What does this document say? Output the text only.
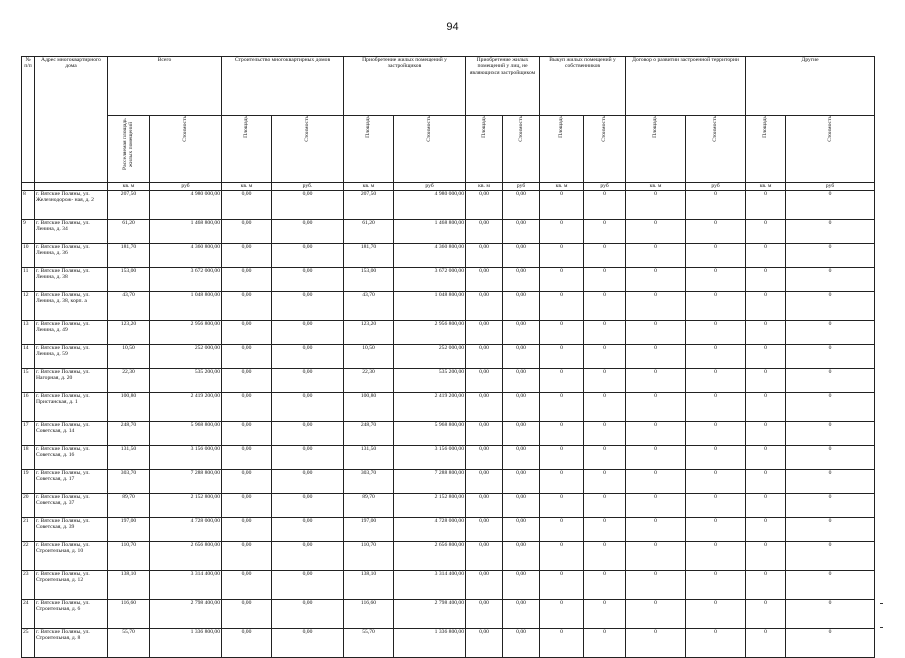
94
№
п/п	Адрес многоквартирного дома	Всего		Строительство многоквартирных домов		Приобретение жилых помещений у застройщиков		Приобретение жилых помещений у лиц, не являющихся застройщиком		Выкуп жилых помещений у собственников		Договор о развитии застроенной территории		Другие	
		Расселяемая площадь жилых помещений	Стоимость	Площадь	Стоимость	Площадь	Стоимость	Площадь	Стоимость	Площадь	Стоимость	Площадь	Стоимость	Площадь	Стоимость
		кв. м	руб	кв. м	руб.	кв. м	руб	кв. м	руб	кв. м	руб	кв. м	руб	кв. м	руб
8	г. Вятские Поляны, ул. Железнодорож- ная, д. 2	207,50	4 980 000,00	0,00	0,00	207,50	4 980 000,00	0,00	0,00	0	0	0	0	0	0
9	г. Вятские Поляны, ул. Ленина, д. 34	61,20	1 468 800,00	0,00	0,00	61,20	1 468 800,00	0,00	0,00	0	0	0	0	0	0
10	г. Вятские Поляны, ул. Ленина, д. 36	181,70	4 360 800,00	0,00	0,00	181,70	4 360 800,00	0,00	0,00	0	0	0	0	0	0
11	г. Вятские Поляны, ул. Ленина, д. 38	153,00	3 672 000,00	0,00	0,00	153,00	3 672 000,00	0,00	0,00	0	0	0	0	0	0
12	г. Вятские Поляны, ул. Ленина, д. 38, корп. а	43,70	1 048 800,00	0,00	0,00	43,70	1 048 800,00	0,00	0,00	0	0	0	0	0	0
13	г. Вятские Поляны, ул. Ленина, д. 49	123,20	2 956 800,00	0,00	0,00	123,20	2 956 800,00	0,00	0,00	0	0	0	0	0	0
14	г. Вятские Поляны, ул. Ленина, д. 59	10,50	252 000,00	0,00	0,00	10,50	252 000,00	0,00	0,00	0	0	0	0	0	0
15	г. Вятские Поляны, ул. Нагорная, д. 20	22,30	535 200,00	0,00	0,00	22,30	535 200,00	0,00	0,00	0	0	0	0	0	0
16	г. Вятские Поляны, ул. Пристанская, д. 1	100,80	2 419 200,00	0,00	0,00	100,80	2 419 200,00	0,00	0,00	0	0	0	0	0	0
17	г. Вятские Поляны, ул. Советская, д. 14	248,70	5 968 800,00	0,00	0,00	248,70	5 968 800,00	0,00	0,00	0	0	0	0	0	0
18	г. Вятские Поляны, ул. Советская, д. 16	131,50	3 156 000,00	0,00	0,00	131,50	3 156 000,00	0,00	0,00	0	0	0	0	0	0
19	г. Вятские Поляны, ул. Советская, д. 17	303,70	7 288 800,00	0,00	0,00	303,70	7 288 800,00	0,00	0,00	0	0	0	0	0	0
20	г. Вятские Поляны, ул. Советская, д. 37	89,70	2 152 800,00	0,00	0,00	89,70	2 152 800,00	0,00	0,00	0	0	0	0	0	0
21	г. Вятские Поляны, ул. Советская, д. 39	197,00	4 728 000,00	0,00	0,00	197,00	4 728 000,00	0,00	0,00	0	0	0	0	0	0
22	г. Вятские Поляны, ул. Строительная, д. 10	110,70	2 656 800,00	0,00	0,00	110,70	2 656 800,00	0,00	0,00	0	0	0	0	0	0
23	г. Вятские Поляны, ул. Строительная, д. 12	138,10	3 314 400,00	0,00	0,00	138,10	3 314 400,00	0,00	0,00	0	0	0	0	0	0
24	г. Вятские Поляны, ул. Строительная, д. 6	116,60	2 798 400,00	0,00	0,00	116,60	2 798 400,00	0,00	0,00	0	0	0	0	0	0
25	г. Вятские Поляны, ул. Строительная, д. 8	55,70	1 336 800,00	0,00	0,00	55,70	1 336 800,00	0,00	0,00	0	0	0	0	0	0
